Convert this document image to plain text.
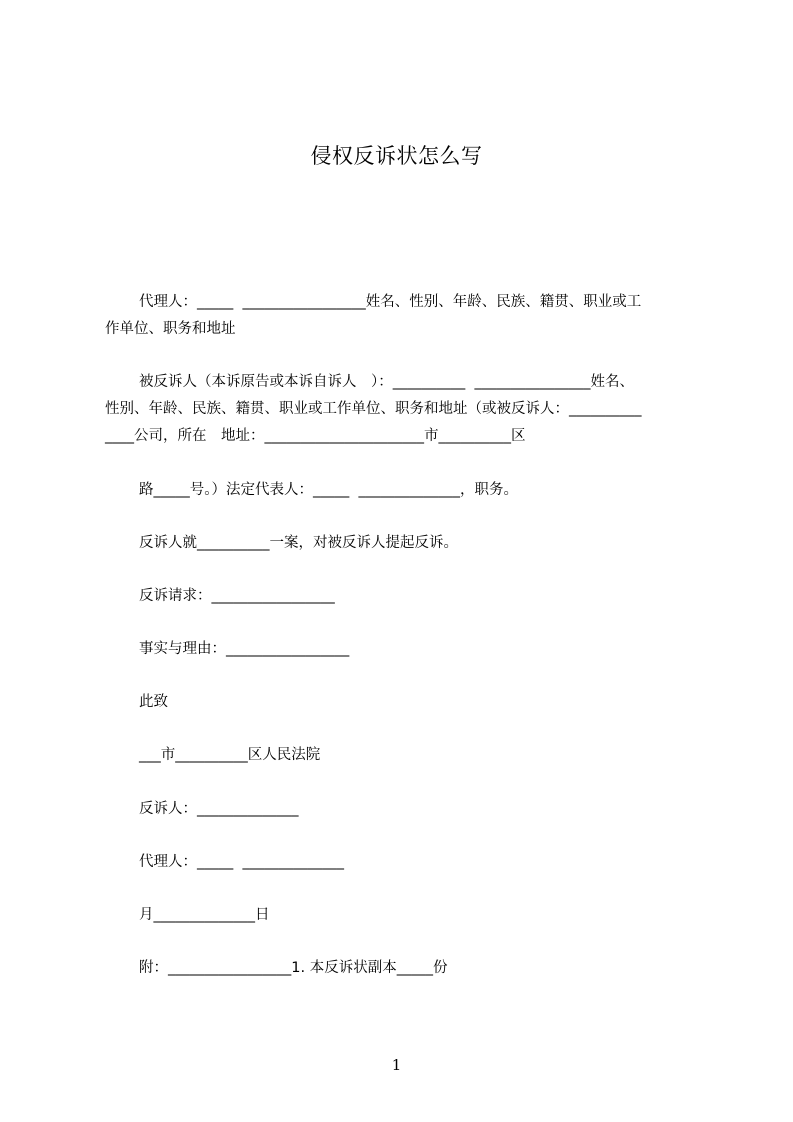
侵权反诉状怎么写
代理人：_____  _________________姓名、性别、年龄、民族、籍贯、职业或工
作单位、职务和地址
被反诉人（本诉原告或本诉自诉人　）：__________  ________________姓名、
性别、年龄、民族、籍贯、职业或工作单位、职务和地址（或被反诉人：__________
____公司，所在　地址：______________________市__________区
路_____号。）法定代表人：_____  ______________，职务。
反诉人就__________一案，对被反诉人提起反诉。
反诉请求：_________________
事实与理由：_________________
此致
___市__________区人民法院
反诉人：______________
代理人：_____  ______________
月______________日
附：_________________1. 本反诉状副本_____份
1
